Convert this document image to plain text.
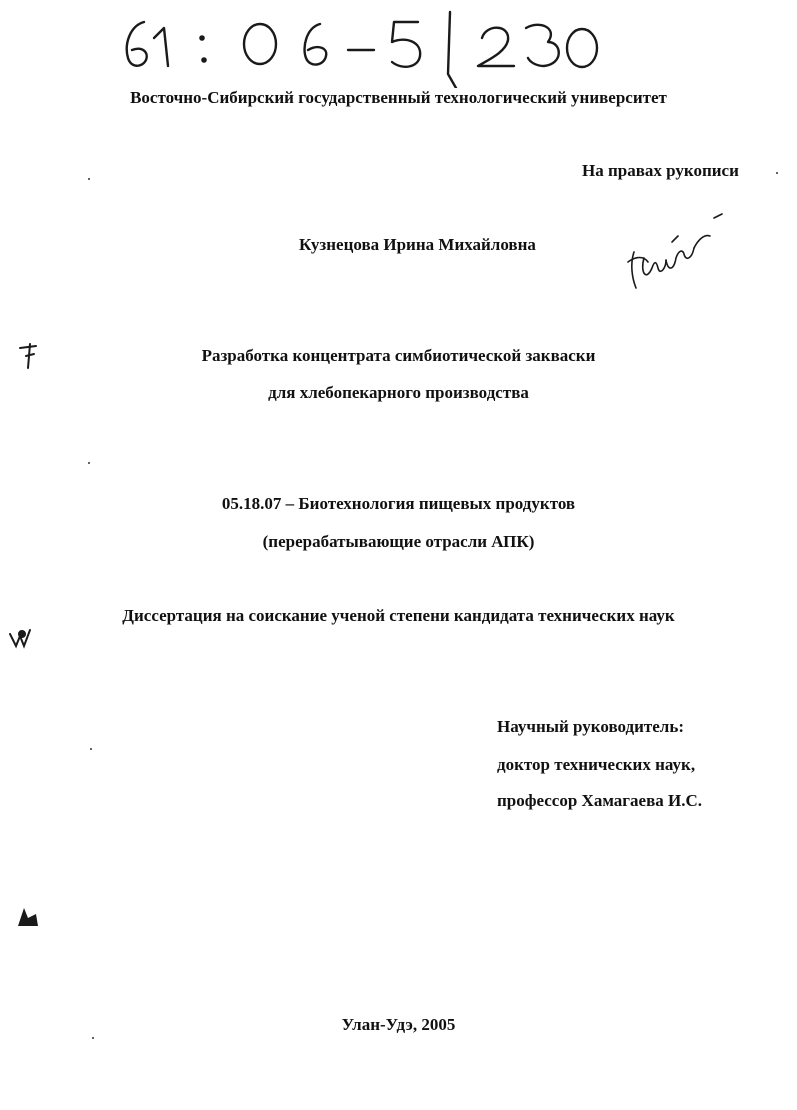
Восточно-Сибирский государственный технологический университет
На правах рукописи
Кузнецова Ирина Михайловна
Разработка концентрата симбиотической закваски
для хлебопекарного производства
05.18.07 – Биотехнология пищевых продуктов
(перерабатывающие отрасли АПК)
Диссертация на соискание ученой степени кандидата технических наук
Научный руководитель:
доктор технических наук,
профессор Хамагаева И.С.
Улан-Удэ, 2005
